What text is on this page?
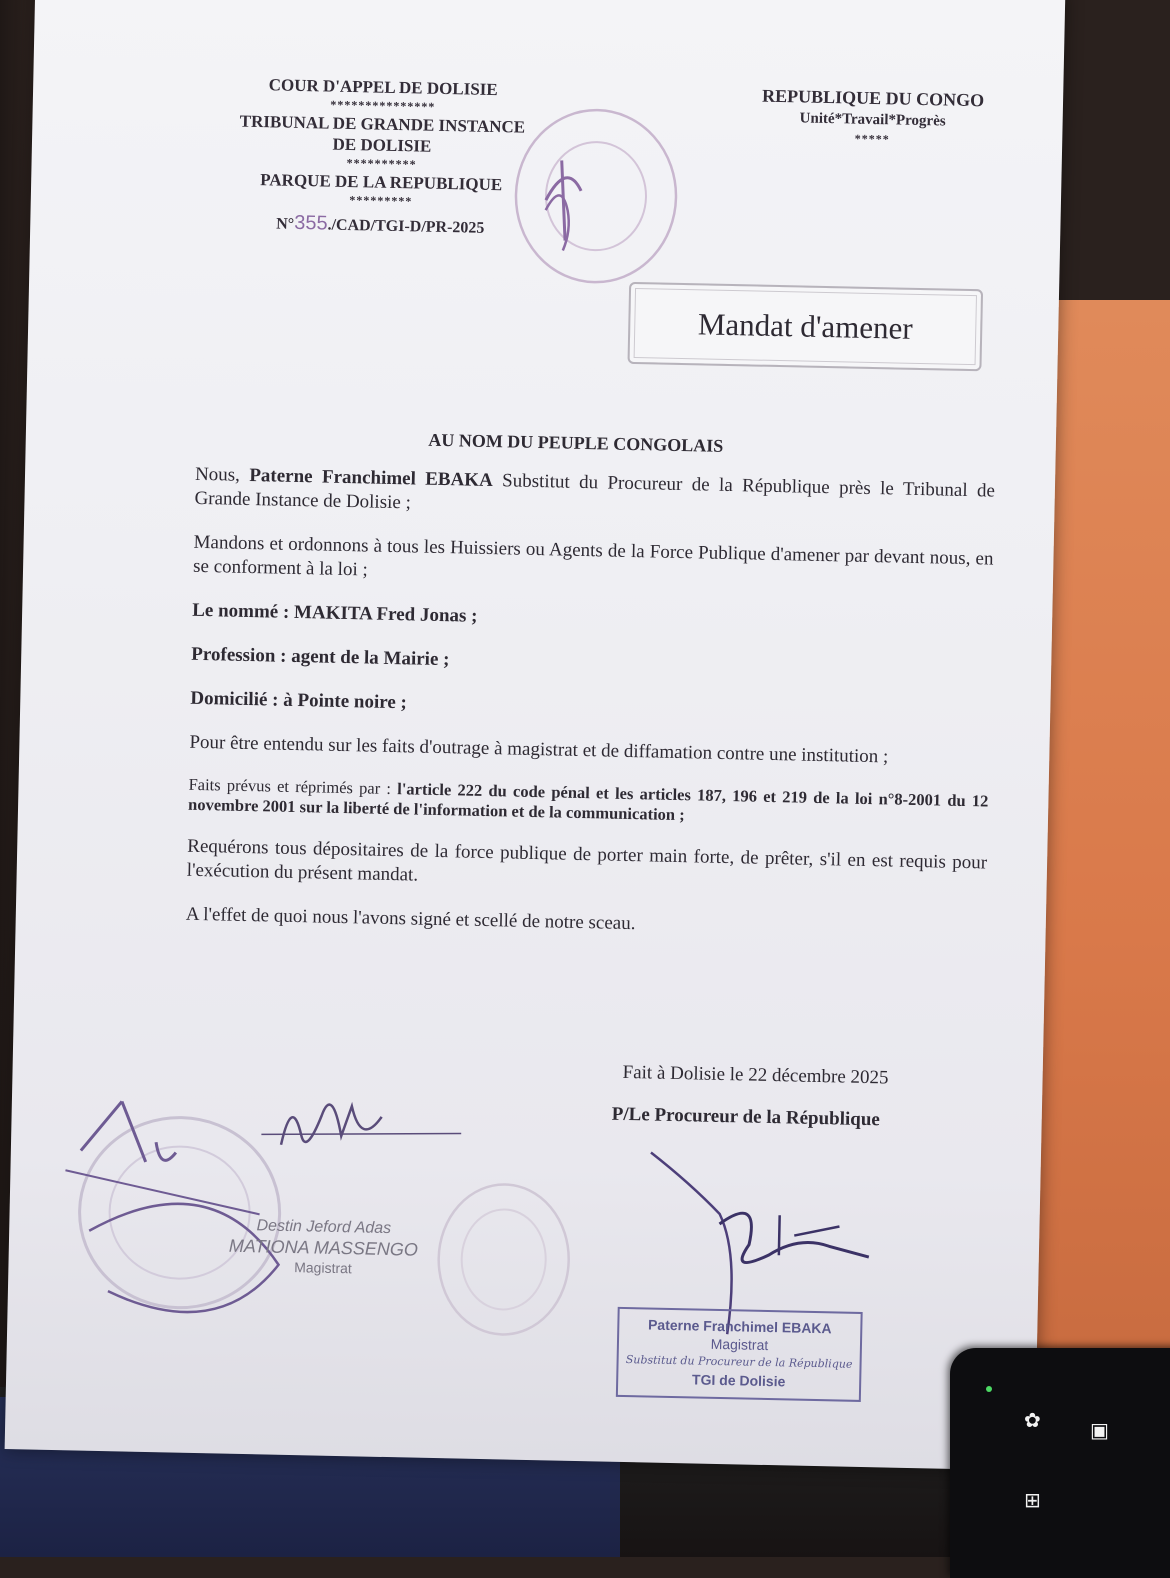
COUR D'APPEL DE DOLISIE
***************
TRIBUNAL DE GRANDE INSTANCE
DE DOLISIE
**********
PARQUE DE LA REPUBLIQUE
*********
N°355./CAD/TGI-D/PR-2025
REPUBLIQUE DU CONGO
Unité*Travail*Progrès
*****
Mandat d'amener
AU NOM DU PEUPLE CONGOLAIS

Nous, Paterne Franchimel EBAKA Substitut du Procureur de la République près le Tribunal de Grande Instance de Dolisie ;

Mandons et ordonnons à tous les Huissiers ou Agents de la Force Publique d'amener par devant nous, en se conforment à la loi ;

Le nommé : MAKITA Fred Jonas ;

Profession : agent de la Mairie ;

Domicilié : à Pointe noire ;

Pour être entendu sur les faits d'outrage à magistrat et de diffamation contre une institution ;

Faits prévus et réprimés par : l'article 222 du code pénal et les articles 187, 196 et 219 de la loi n°8-2001 du 12 novembre 2001 sur la liberté de l'information et de la communication ;

Requérons tous dépositaires de la force publique de porter main forte, de prêter, s'il en est requis pour l'exécution du présent mandat.

A l'effet de quoi nous l'avons signé et scellé de notre sceau.

Destin Jeford Adas
MATIONA MASSENGO
Magistrat
Fait à Dolisie le 22 décembre 2025
P/Le Procureur de la République
Paterne Franchimel EBAKA
Magistrat
Substitut du Procureur de la République
TGI de Dolisie
✿ ▣
⊞
